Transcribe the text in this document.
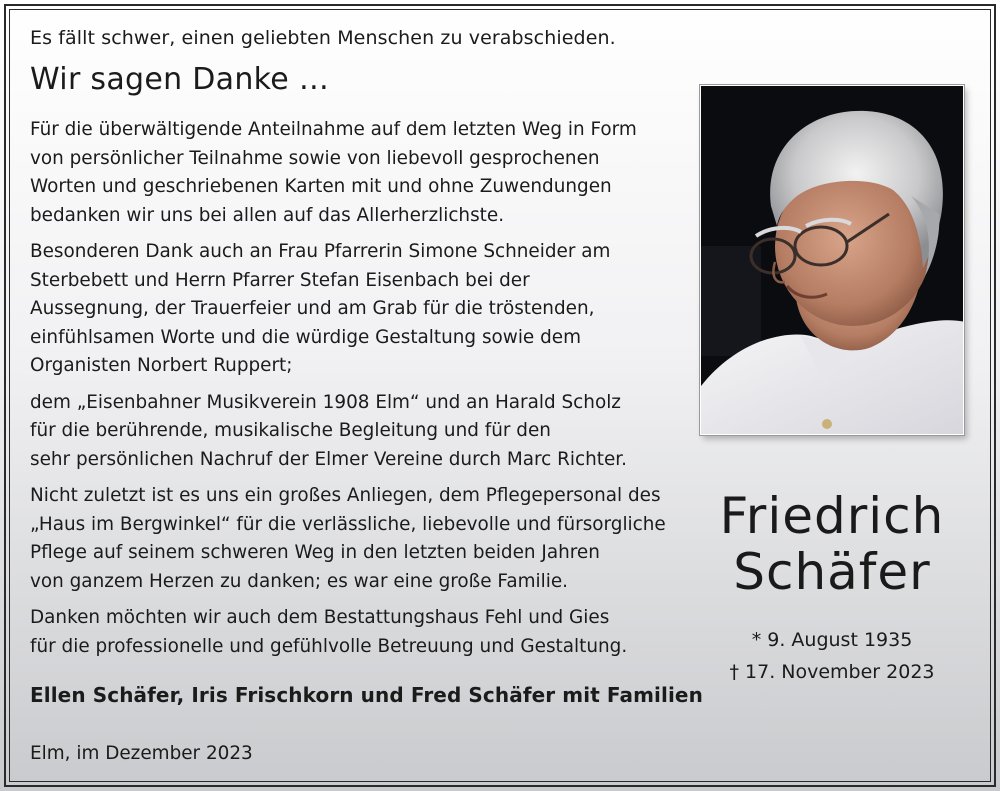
Es fällt schwer, einen geliebten Menschen zu verabschieden.
Wir sagen Danke …
Für die überwältigende Anteilnahme auf dem letzten Weg in Form
von persönlicher Teilnahme sowie von liebevoll gesprochenen
Worten und geschriebenen Karten mit und ohne Zuwendungen
bedanken wir uns bei allen auf das Allerherzlichste.
Besonderen Dank auch an Frau Pfarrerin Simone Schneider am
Sterbebett und Herrn Pfarrer Stefan Eisenbach bei der
Aussegnung, der Trauerfeier und am Grab für die tröstenden,
einfühlsamen Worte und die würdige Gestaltung sowie dem
Organisten Norbert Ruppert;
dem „Eisenbahner Musikverein 1908 Elm“ und an Harald Scholz
für die berührende, musikalische Begleitung und für den
sehr persönlichen Nachruf der Elmer Vereine durch Marc Richter.
Nicht zuletzt ist es uns ein großes Anliegen, dem Pflegepersonal des
„Haus im Bergwinkel“ für die verlässliche, liebevolle und fürsorgliche
Pflege auf seinem schweren Weg in den letzten beiden Jahren
von ganzem Herzen zu danken; es war eine große Familie.
Danken möchten wir auch dem Bestattungshaus Fehl und Gies
für die professionelle und gefühlvolle Betreuung und Gestaltung.
Ellen Schäfer, Iris Frischkorn und Fred Schäfer mit Familien
Elm, im Dezember 2023
Friedrich
Schäfer
* 9. August 1935
† 17. November 2023
